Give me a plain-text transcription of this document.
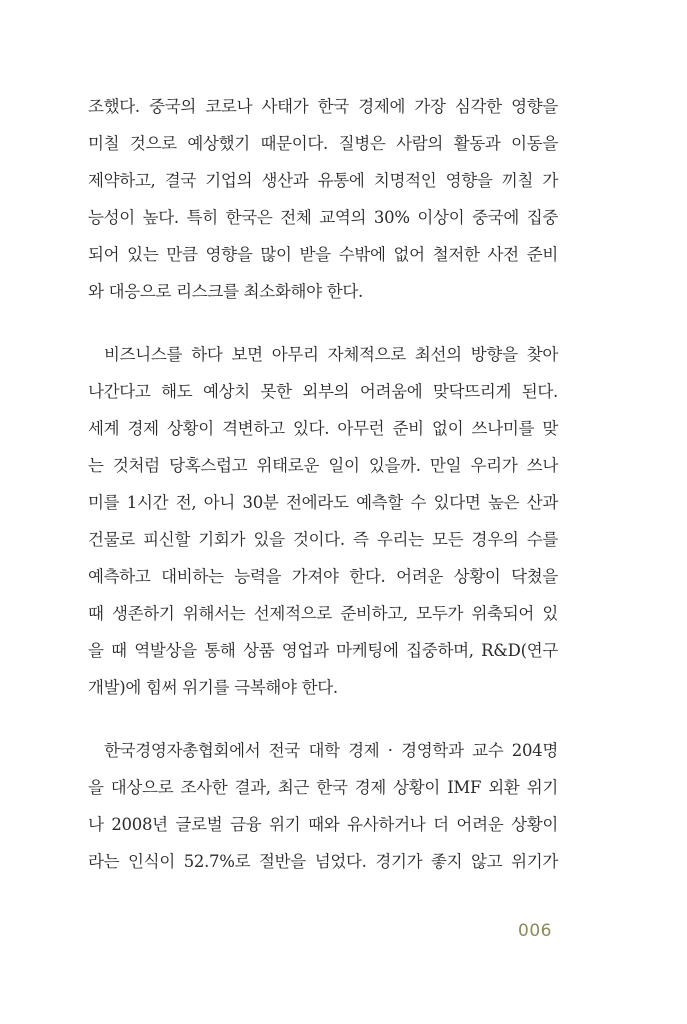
조했다. 중국의 코로나 사태가 한국 경제에 가장 심각한 영향을
미칠 것으로 예상했기 때문이다. 질병은 사람의 활동과 이동을
제약하고, 결국 기업의 생산과 유통에 치명적인 영향을 끼칠 가
능성이 높다. 특히 한국은 전체 교역의 30% 이상이 중국에 집중
되어 있는 만큼 영향을 많이 받을 수밖에 없어 철저한 사전 준비
와 대응으로 리스크를 최소화해야 한다.
비즈니스를 하다 보면 아무리 자체적으로 최선의 방향을 찾아
나간다고 해도 예상치 못한 외부의 어려움에 맞닥뜨리게 된다.
세계 경제 상황이 격변하고 있다. 아무런 준비 없이 쓰나미를 맞
는 것처럼 당혹스럽고 위태로운 일이 있을까. 만일 우리가 쓰나
미를 1시간 전, 아니 30분 전에라도 예측할 수 있다면 높은 산과
건물로 피신할 기회가 있을 것이다. 즉 우리는 모든 경우의 수를
예측하고 대비하는 능력을 가져야 한다. 어려운 상황이 닥쳤을
때 생존하기 위해서는 선제적으로 준비하고, 모두가 위축되어 있
을 때 역발상을 통해 상품 영업과 마케팅에 집중하며, R&D(연구
개발)에 힘써 위기를 극복해야 한다.
한국경영자총협회에서 전국 대학 경제 · 경영학과 교수 204명
을 대상으로 조사한 결과, 최근 한국 경제 상황이 IMF 외환 위기
나 2008년 글로벌 금융 위기 때와 유사하거나 더 어려운 상황이
라는 인식이 52.7%로 절반을 넘었다. 경기가 좋지 않고 위기가
006
